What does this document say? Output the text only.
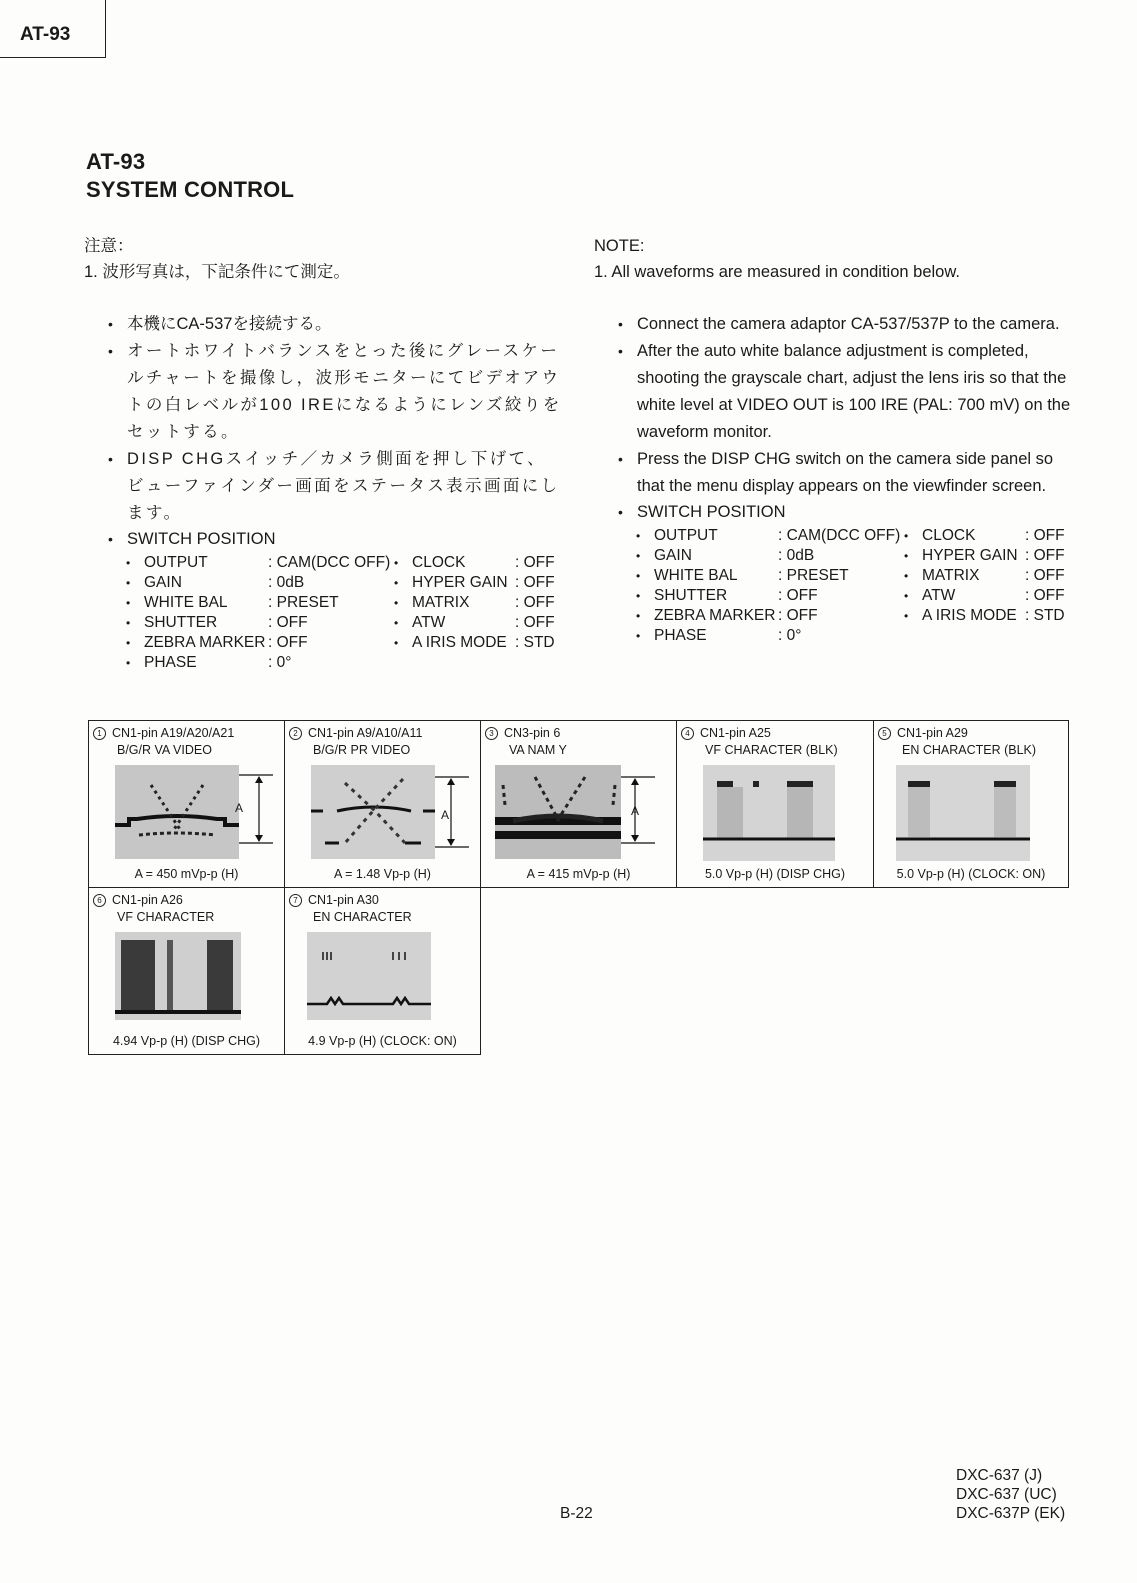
AT-93
AT-93
SYSTEM CONTROL
注意：
1. 波形写真は，下記条件にて測定。
• 本機にCA-537を接続する。
• オートホワイトバランスをとった後にグレースケールチャートを撮像し，波形モニターにてビデオアウトの白レベルが100 IREになるようにレンズ絞りをセットする。
• DISP CHGスイッチ／カメラ側面を押し下げて、ビューファインダー画面をステータス表示画面にします。
• SWITCH POSITION
• OUTPUT	: CAM(DCC OFF) • CLOCK	: OFF
• GAIN	: 0dB	• HYPER GAIN : OFF
• WHITE BAL	: PRESET	• MATRIX	: OFF
• SHUTTER	: OFF	• ATW	: OFF
• ZEBRA MARKER : OFF	• A IRIS MODE : STD
• PHASE	: 0°
NOTE:
1. All waveforms are measured in condition below.
• Connect the camera adaptor CA-537/537P to the camera.
• After the auto white balance adjustment is completed, shooting the grayscale chart, adjust the lens iris so that the white level at VIDEO OUT is 100 IRE (PAL: 700 mV) on the waveform monitor.
• Press the DISP CHG switch on the camera side panel so that the menu display appears on the viewfinder screen.
• SWITCH POSITION
• OUTPUT	: CAM(DCC OFF) • CLOCK	: OFF
• GAIN	: 0dB	• HYPER GAIN : OFF
• WHITE BAL	: PRESET	• MATRIX	: OFF
• SHUTTER	: OFF	• ATW	: OFF
• ZEBRA MARKER : OFF	• A IRIS MODE : STD
• PHASE	: 0°
1 CN1-pin A19/A20/A21
B/G/R VA VIDEO
A
A = 450 mVp-p (H)
2 CN1-pin A9/A10/A11
B/G/R PR VIDEO
A
A = 1.48 Vp-p (H)
3 CN3-pin 6
VA NAM Y
A
A = 415 mVp-p (H)
4 CN1-pin A25
VF CHARACTER (BLK)
5.0 Vp-p (H) (DISP CHG)
5 CN1-pin A29
EN CHARACTER (BLK)
5.0 Vp-p (H) (CLOCK: ON)
6 CN1-pin A26
VF CHARACTER
4.94 Vp-p (H) (DISP CHG)
7 CN1-pin A30
EN CHARACTER
4.9 Vp-p (H) (CLOCK: ON)
B-22
DXC-637 (J)
DXC-637 (UC)
DXC-637P (EK)
